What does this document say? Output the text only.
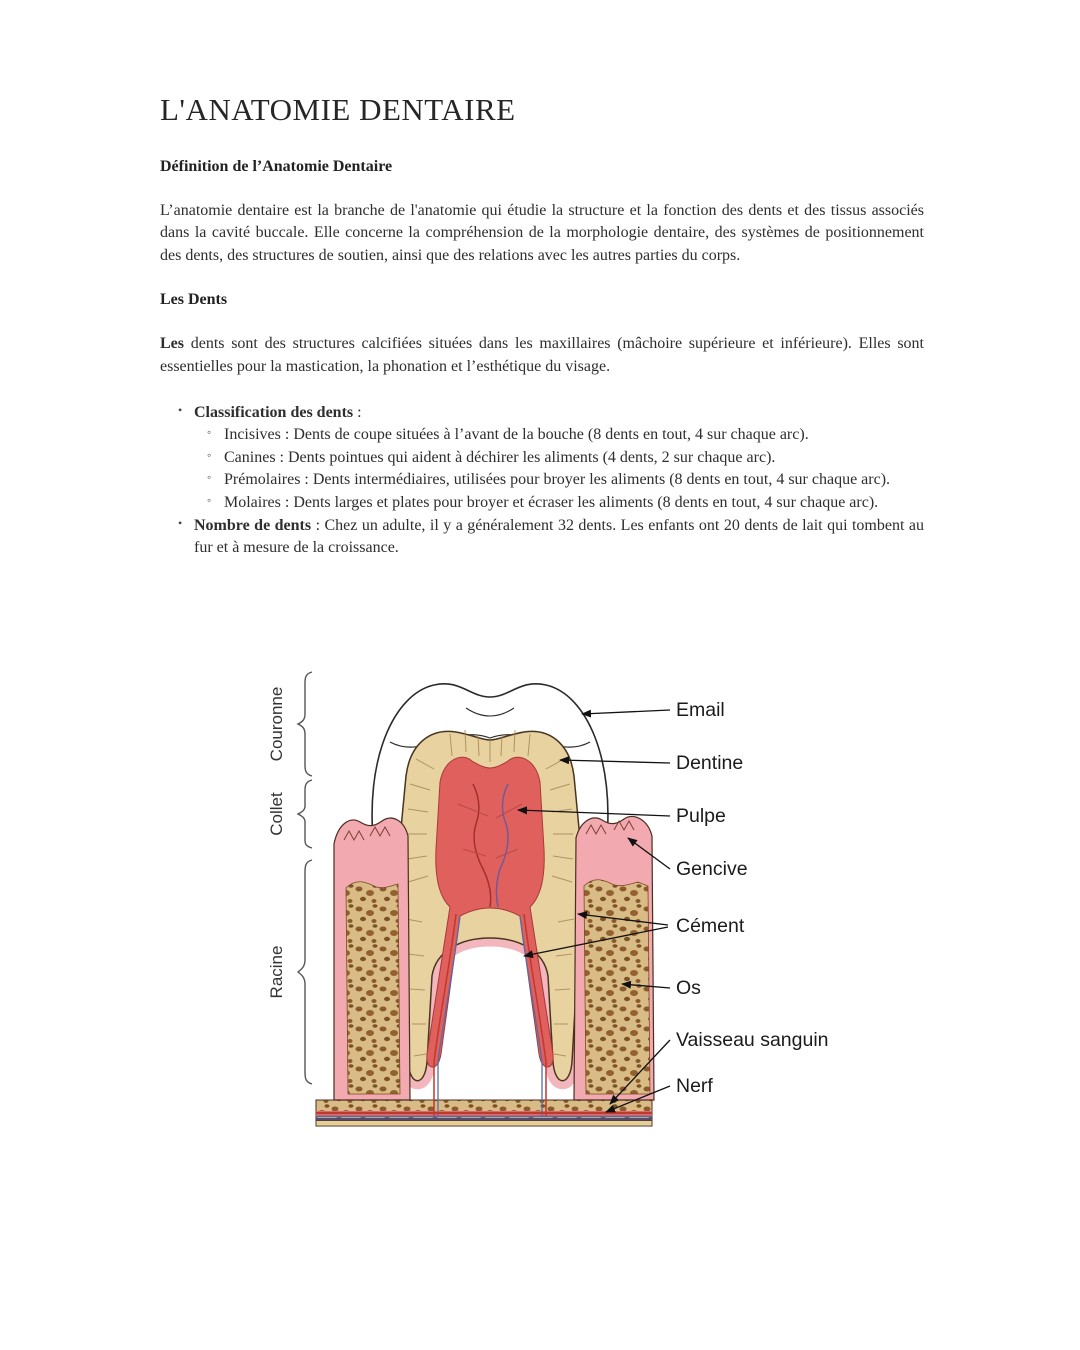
L'ANATOMIE DENTAIRE
Définition de l’Anatomie Dentaire

L’anatomie dentaire est la branche de l'anatomie qui étudie la structure et la fonction des dents et des tissus associés dans la cavité buccale. Elle concerne la compréhension de la morphologie dentaire, des systèmes de positionnement des dents, des structures de soutien, ainsi que des relations avec les autres parties du corps.

Les Dents

Les dents sont des structures calcifiées situées dans les maxillaires (mâchoire supérieure et inférieure). Elles sont essentielles pour la mastication, la phonation et l’esthétique du visage.

• Classification des dents :
◦ Incisives : Dents de coupe situées à l’avant de la bouche (8 dents en tout, 4 sur chaque arc).
◦ Canines : Dents pointues qui aident à déchirer les aliments (4 dents, 2 sur chaque arc).
◦ Prémolaires : Dents intermédiaires, utilisées pour broyer les aliments (8 dents en tout, 4 sur chaque arc).
◦ Molaires : Dents larges et plates pour broyer et écraser les aliments (8 dents en tout, 4 sur chaque arc).
• Nombre de dents : Chez un adulte, il y a généralement 32 dents. Les enfants ont 20 dents de lait qui tombent au fur et à mesure de la croissance.
Couronne
Collet
Racine
Email
Dentine
Pulpe
Gencive
Cément
Os
Vaisseau sanguin
Nerf
